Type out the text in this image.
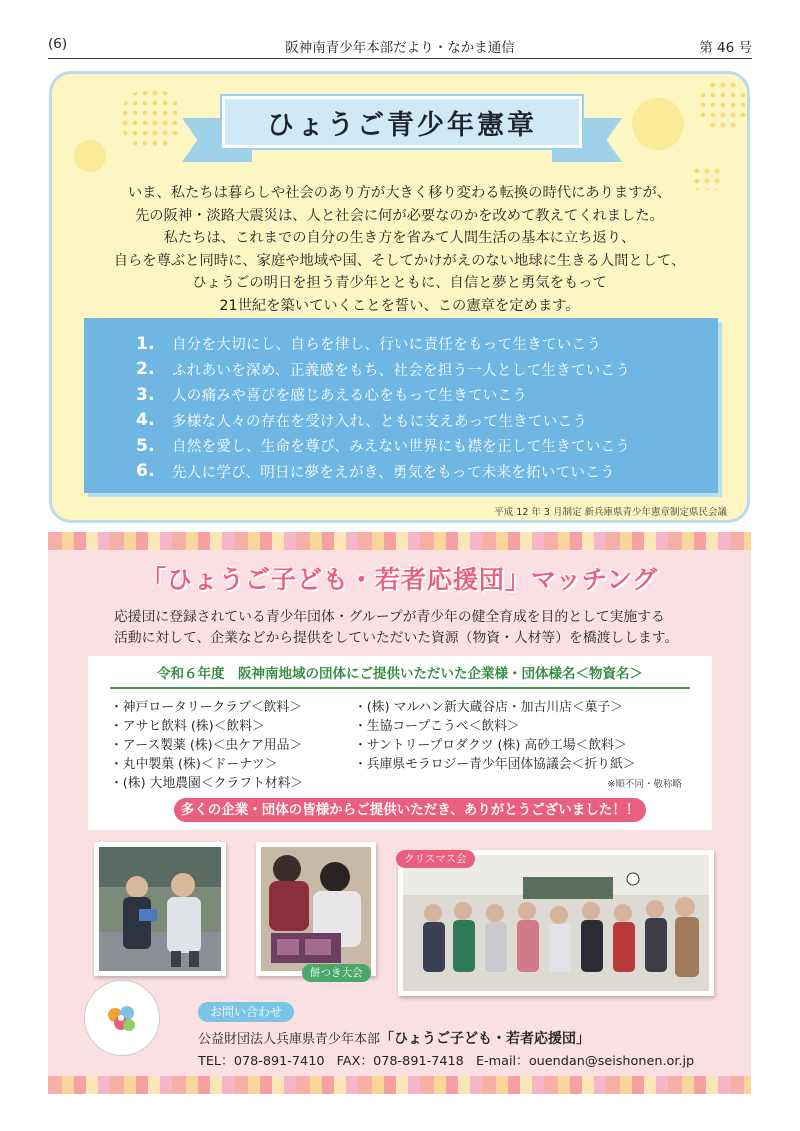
阪神南青少年本部だより・なかま通信
(6)	第 46 号
ひょうご青少年憲章
いま、私たちは暮らしや社会のあり方が大きく移り変わる転換の時代にありますが、
先の阪神・淡路大震災は、人と社会に何が必要なのかを改めて教えてくれました。
私たちは、これまでの自分の生き方を省みて人間生活の基本に立ち返り、
自らを尊ぶと同時に、家庭や地域や国、そしてかけがえのない地球に生きる人間として、
ひょうごの明日を担う青少年とともに、自信と夢と勇気をもって
21世紀を築いていくことを誓い、この憲章を定めます。
1.	自分を大切にし、自らを律し、行いに責任をもって生きていこう
2.	ふれあいを深め、正義感をもち、社会を担う一人として生きていこう
3.	人の痛みや喜びを感じあえる心をもって生きていこう
4.	多様な人々の存在を受け入れ、ともに支えあって生きていこう
5.	自然を愛し、生命を尊び、みえない世界にも襟を正して生きていこう
6.	先人に学び、明日に夢をえがき、勇気をもって未来を拓いていこう
平成 12 年 3 月制定 新兵庫県青少年憲章制定県民会議
「ひょうご子ども・若者応援団」マッチング
応援団に登録されている青少年団体・グループが青少年の健全育成を目的として実施する
活動に対して、企業などから提供をしていただいた資源（物資・人材等）を橋渡しします。
令和６年度　阪神南地域の団体にご提供いただいた企業様・団体様名＜物資名＞
・神戸ロータリークラブ＜飲料＞
・アサヒ飲料 (株)＜飲料＞
・アース製薬 (株)＜虫ケア用品＞
・丸中製菓 (株)＜ドーナツ＞
・(株) 大地農園＜クラフト材料＞
・(株) マルハン新大蔵谷店・加古川店＜菓子＞
・生協コープこうべ＜飲料＞
・サントリープロダクツ (株) 高砂工場＜飲料＞
・兵庫県モラロジー青少年団体協議会＜折り紙＞
※順不同・敬称略
多くの企業・団体の皆様からご提供いただき、ありがとうございました！！
餅つき大会
クリスマス会
お問い合わせ
公益財団法人兵庫県青少年本部「ひょうご子ども・若者応援団」
TEL：078-891-7410 FAX：078-891-7418 E-mail：ouendan@seishonen.or.jp
